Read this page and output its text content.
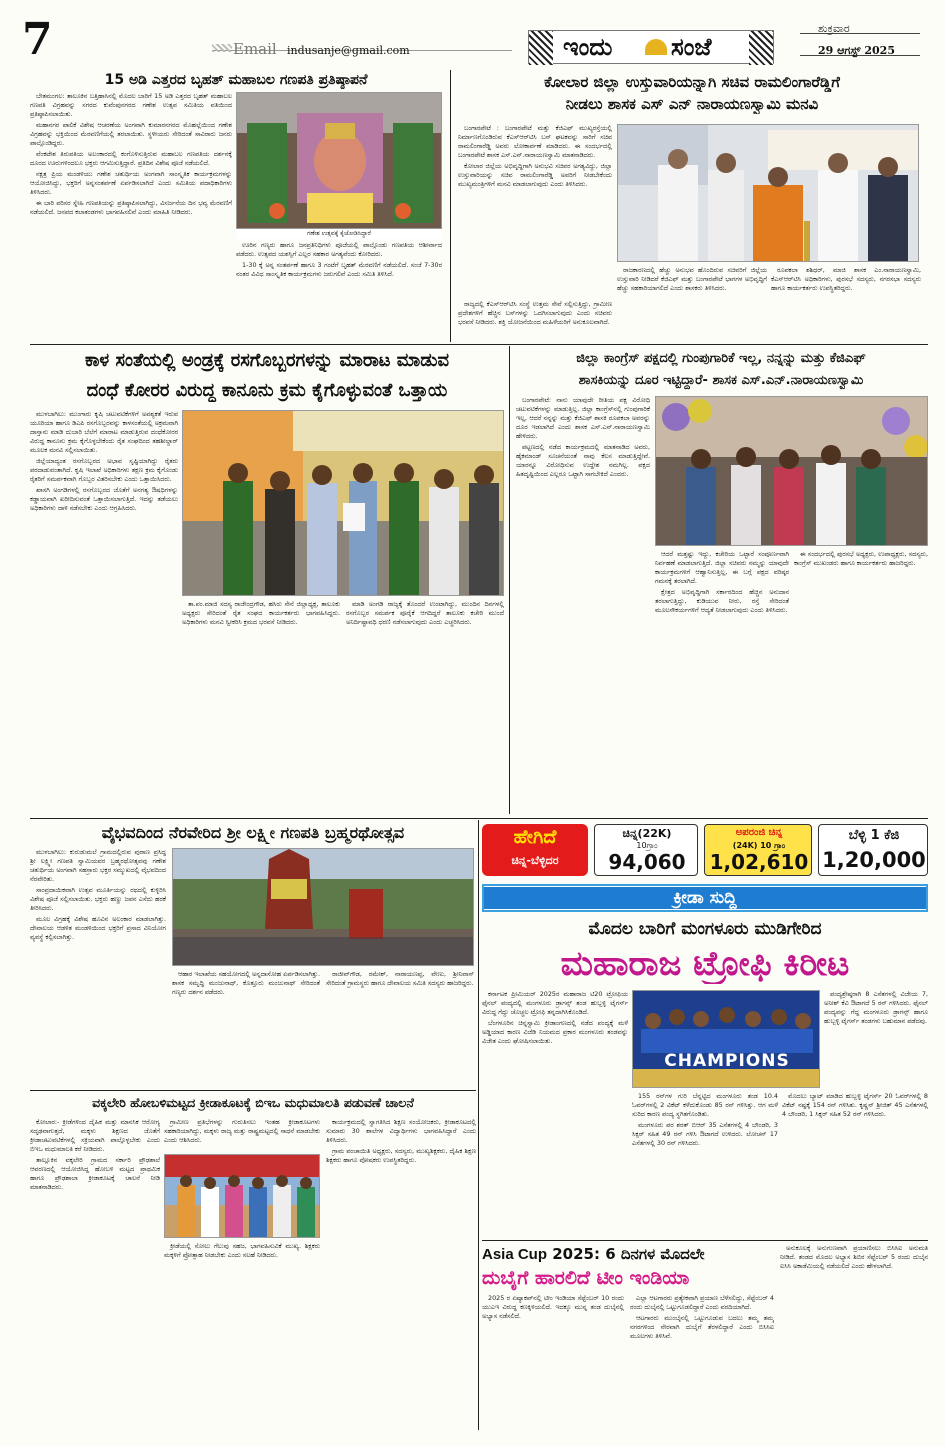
7	Email indusanje@gmail.com	ಇಂದು ಸಂಜೆ
ಶುಕ್ರವಾರ
29 ಆಗಸ್ಟ್ 2025
15 ಅಡಿ ಎತ್ತರದ ಬೃಹತ್ ಮಹಾಬಲ ಗಣಪತಿ ಪ್ರತಿಷ್ಠಾಪನೆ

ಬೇತಮಂಗಲ: ತಾಲೂಕಿನ ಬತ್ತಿಹಾಸಿನಲ್ಲಿ ಮೊದಲ ಬಾರಿಗೆ 15 ಅಡಿ ಎತ್ತರದ ಬೃಹತ್ ಮಹಾಬಲ ಗಣಪತಿ ವಿಗ್ರಹವನ್ನು ಸಗರದ ಕುವೆಂಪುನಗರದ ಗಣೇಶ ಉತ್ಸವ ಸಮಿತಿಯ ವತಿಯಿಂದ ಪ್ರತಿಷ್ಠಾಪಿಸಲಾಯಿತು.

ಮಹಾನಗರ ಪಾಲಿಕೆ ವಿಶೇಷ ಆಚರಣೆಯ ಅಂಗವಾಗಿ ಕುಮಾರನಗರದ ಮೊಹಲ್ಲೆಯಿಂದ ಗಣೇಶ ವಿಗ್ರಹವನ್ನು ಭಕ್ತಿಯಿಂದ ಮೆರವಣಿಗೆಯಲ್ಲಿ ತರಲಾಯಿತು. ಸ್ಥಳೀಯರು ಸೇರಿದಂತೆ ಸಾವಿರಾರು ಜನರು ಪಾಲ್ಗೊಂಡಿದ್ದರು.

ವೆಂಕಟೇಶ ತಿರುಪತಿಯ ಅಲಂಕಾರದಲ್ಲಿ ಕಂಗೊಳಿಸುತ್ತಿರುವ ಮಹಾಬಲ ಗಣಪತಿಯ ದರ್ಶನಕ್ಕೆ ದೂರದ ಊರುಗಳಿಂದಲೂ ಭಕ್ತರು ಆಗಮಿಸುತ್ತಿದ್ದಾರೆ. ಪ್ರತಿದಿನ ವಿಶೇಷ ಪೂಜೆ ನಡೆಯಲಿದೆ.

ನಕ್ಷತ್ರ ಪ್ರಿಯ ಮಂಡಳಿಯು ಗಣೇಶ ಚತುರ್ಥಿಯ ಅಂಗವಾಗಿ ಸಾಂಸ್ಕೃತಿಕ ಕಾರ್ಯಕ್ರಮಗಳನ್ನು ಆಯೋಜಿಸಿದ್ದು, ಭಕ್ತರಿಗೆ ಅನ್ನಸಂತರ್ಪಣೆ ಏರ್ಪಡಿಸಲಾಗಿದೆ ಎಂದು ಸಮಿತಿಯ ಪದಾಧಿಕಾರಿಗಳು ತಿಳಿಸಿದರು.

ಈ ಬಾರಿ ಪರಿಸರ ಸ್ನೇಹಿ ಗಣಪತಿಯನ್ನು ಪ್ರತಿಷ್ಠಾಪಿಸಲಾಗಿದ್ದು, ವಿಸರ್ಜನೆಯ ದಿನ ಭವ್ಯ ಮೆರವಣಿಗೆ ನಡೆಯಲಿದೆ. ಜನಪದ ಕಲಾತಂಡಗಳು ಭಾಗವಹಿಸಲಿವೆ ಎಂದು ಮಾಹಿತಿ ನೀಡಿದರು.

ಗಣೇಶ ಉತ್ಸವಕ್ಕೆ ಕೈಜೋಡಿಸಿದ್ದಾರೆ

ಊರಿನ ಗಣ್ಯರು ಹಾಗೂ ಜನಪ್ರತಿನಿಧಿಗಳು ಪೂಜೆಯಲ್ಲಿ ಪಾಲ್ಗೊಂಡು ಗಣಪತಿಯ ಆಶೀರ್ವಾದ ಪಡೆದರು. ಉತ್ಸವದ ಯಶಸ್ಸಿಗೆ ಎಲ್ಲರ ಸಹಕಾರ ಅಗತ್ಯವೆಂದು ಕೋರಿದರು.

1-30 ಕ್ಕೆ ಅನ್ನ ಸಂತರ್ಪಣೆ ಹಾಗೂ 3 ಗಂಟೆಗೆ ಬೃಹತ್ ಮೆರವಣಿಗೆ ನಡೆಯಲಿದೆ. ಸಂಜೆ 7-30ರ ನಂತರ ವಿವಿಧ ಸಾಂಸ್ಕೃತಿಕ ಕಾರ್ಯಕ್ರಮಗಳು ಜರುಗಲಿವೆ ಎಂದು ಸಮಿತಿ ತಿಳಿಸಿದೆ.

ಕೋಲಾರ ಜಿಲ್ಲಾ ಉಸ್ತುವಾರಿಯನ್ನಾಗಿ ಸಚಿವ ರಾಮಲಿಂಗಾರೆಡ್ಡಿಗೆ
ನೀಡಲು ಶಾಸಕ ಎಸ್ ಎನ್ ನಾರಾಯಣಸ್ವಾಮಿ ಮನವಿ

ಬಂಗಾರಪೇಟೆ : ಬಂಗಾರಪೇಟೆ ಮತ್ತು ಕೆಜಿಎಫ್ ಮುಖ್ಯರಸ್ತೆಯಲ್ಲಿ ನಿರ್ಮಾಣಗೊಂಡಿರುವ ಕೆಎಸ್‌ಆರ್‌ಟಿಸಿ ಬಸ್ ಘಟಕವನ್ನು ಸಾರಿಗೆ ಸಚಿವ ರಾಮಲಿಂಗಾರೆಡ್ಡಿ ಅವರು ಲೋಕಾರ್ಪಣೆ ಮಾಡಿದರು. ಈ ಸಂದರ್ಭದಲ್ಲಿ ಬಂಗಾರಪೇಟೆ ಶಾಸಕ ಎಸ್.ಎನ್.ನಾರಾಯಣಸ್ವಾಮಿ ಮಾತನಾಡಿದರು.

ಕೋಲಾರ ಜಿಲ್ಲೆಯ ಅಭಿವೃದ್ಧಿಗಾಗಿ ಅನುಭವಿ ಸಚಿವರ ಅಗತ್ಯವಿದ್ದು, ಜಿಲ್ಲಾ ಉಸ್ತುವಾರಿಯನ್ನು ಸಚಿವ ರಾಮಲಿಂಗಾರೆಡ್ಡಿ ಅವರಿಗೆ ನೀಡಬೇಕೆಂದು ಮುಖ್ಯಮಂತ್ರಿಗಳಿಗೆ ಮನವಿ ಮಾಡಲಾಗುವುದು ಎಂದು ತಿಳಿಸಿದರು.

ರಾಜಕಾರಣದಲ್ಲಿ ಹೆಚ್ಚು ಅನುಭವ ಹೊಂದಿರುವ ಸಚಿವರಿಗೆ ಜಿಲ್ಲೆಯ ಉಸ್ತುವಾರಿ ನೀಡಿದರೆ ಕೆಜಿಎಫ್ ಮತ್ತು ಬಂಗಾರಪೇಟೆ ಭಾಗಗಳ ಅಭಿವೃದ್ಧಿಗೆ ಹೆಚ್ಚು ಸಹಕಾರಿಯಾಗಲಿದೆ ಎಂದು ಶಾಸಕರು ತಿಳಿಸಿದರು.

ರೂಪಕಲಾ ಶಶಿಧರ್, ಮಾಜಿ ಶಾಸಕ ಎಂ.ನಾರಾಯಣಸ್ವಾಮಿ, ಕೆಎಸ್‌ಆರ್‌ಟಿಸಿ ಅಧಿಕಾರಿಗಳು, ಪುರಸಭೆ ಸದಸ್ಯರು, ನಗರಸಭಾ ಸದಸ್ಯರು ಹಾಗೂ ಕಾರ್ಯಕರ್ತರು ಉಪಸ್ಥಿತರಿದ್ದರು.

ರಾಜ್ಯದಲ್ಲಿ ಕೆಎಸ್‌ಆರ್‌ಟಿಸಿ ಸಂಸ್ಥೆ ಉತ್ತಮ ಸೇವೆ ಸಲ್ಲಿಸುತ್ತಿದ್ದು, ಗ್ರಾಮೀಣ ಪ್ರದೇಶಗಳಿಗೆ ಹೆಚ್ಚಿನ ಬಸ್‌ಗಳನ್ನು ಒದಗಿಸಲಾಗುವುದು ಎಂದು ಸಚಿವರು ಭರವಸೆ ನೀಡಿದರು. ಶಕ್ತಿ ಯೋಜನೆಯಿಂದ ಮಹಿಳೆಯರಿಗೆ ಅನುಕೂಲವಾಗಿದೆ.

ಕಾಳ ಸಂತೆಯಲ್ಲಿ ಅಂಡ್ರಕ್ಕೆ ರಸಗೊಬ್ಬರಗಳನ್ನು ಮಾರಾಟ ಮಾಡುವ
ದಂಧೆ ಕೋರರ ವಿರುದ್ಧ ಕಾನೂನು ಕ್ರಮ ಕೈಗೊಳ್ಳುವಂತೆ ಒತ್ತಾಯ

ಮುಳಬಾಗಿಲು: ಮುಂಗಾರು ಕೃಷಿ ಚಟುವಟಿಕೆಗಳಿಗೆ ಅವಶ್ಯಕತೆ ಇರುವ ಯೂರಿಯಾ ಹಾಗೂ ಡಿಎಪಿ ರಸಗೊಬ್ಬರವನ್ನು ಕಾಳಸಂತೆಯಲ್ಲಿ ಅಕ್ರಮವಾಗಿ ದಾಸ್ತಾನು ಮಾಡಿ ದುಬಾರಿ ಬೆಲೆಗೆ ಮಾರಾಟ ಮಾಡುತ್ತಿರುವ ದಂಧೆಕೋರರ ವಿರುದ್ಧ ಕಾನೂನು ಕ್ರಮ ಕೈಗೊಳ್ಳಬೇಕೆಂದು ರೈತ ಸಂಘದಿಂದ ತಹಶೀಲ್ದಾರ್ ಮೂಲಕ ಮನವಿ ಸಲ್ಲಿಸಲಾಯಿತು.

ಜಿಲ್ಲೆಯಾದ್ಯಂತ ರಸಗೊಬ್ಬರದ ಅಭಾವ ಸೃಷ್ಟಿಯಾಗಿದ್ದು ರೈತರು ಪರದಾಡುವಂತಾಗಿದೆ. ಕೃಷಿ ಇಲಾಖೆ ಅಧಿಕಾರಿಗಳು ತಕ್ಷಣ ಕ್ರಮ ಕೈಗೊಂಡು ರೈತರಿಗೆ ಸಮರ್ಪಕವಾಗಿ ಗೊಬ್ಬರ ವಿತರಿಸಬೇಕು ಎಂದು ಒತ್ತಾಯಿಸಿದರು.

ಖಾಸಗಿ ಅಂಗಡಿಗಳಲ್ಲಿ ರಸಗೊಬ್ಬರದ ಜೊತೆಗೆ ಅನಗತ್ಯ ಔಷಧಿಗಳನ್ನು ಕಡ್ಡಾಯವಾಗಿ ಖರೀದಿಸುವಂತೆ ಒತ್ತಾಯಿಸಲಾಗುತ್ತಿದೆ. ಇದನ್ನು ತಡೆಯಲು ಅಧಿಕಾರಿಗಳು ದಾಳಿ ನಡೆಸಬೇಕು ಎಂದು ಆಗ್ರಹಿಸಿದರು.

ತಾ.ಪಂ.ಮಾಜಿ ಸದಸ್ಯ ರಾಜೇಂದ್ರಗೌಡ, ಹಸಿರು ಸೇನೆ ಜಿಲ್ಲಾಧ್ಯಕ್ಷ, ತಾಲೂಕು ಅಧ್ಯಕ್ಷರು ಸೇರಿದಂತೆ ರೈತ ಸಂಘದ ಕಾರ್ಯಕರ್ತರು ಭಾಗವಹಿಸಿದ್ದರು. ಅಧಿಕಾರಿಗಳು ಮನವಿ ಸ್ವೀಕರಿಸಿ ಕ್ರಮದ ಭರವಸೆ ನೀಡಿದರು.

ಮಾಡಿ ಅಂಗಡಿ ರಾಜ್ಯಕ್ಕೆ ತೊಂದರೆ ಉಂಟಾಗಿದ್ದು, ಮುಂದಿನ ದಿನಗಳಲ್ಲಿ ರಸಗೊಬ್ಬರ ಸಮರ್ಪಕ ಪೂರೈಕೆ ಆಗದಿದ್ದರೆ ತಾಲೂಕು ಕಚೇರಿ ಮುಂದೆ ಅನಿರ್ದಿಷ್ಟಾವಧಿ ಧರಣಿ ನಡೆಸಲಾಗುವುದು ಎಂದು ಎಚ್ಚರಿಸಿದರು.

ಜಿಲ್ಲಾ ಕಾಂಗ್ರೆಸ್ ಪಕ್ಷದಲ್ಲಿ ಗುಂಪುಗಾರಿಕೆ ಇಲ್ಲ, ನನ್ನನ್ನು ಮತ್ತು ಕೆಜಿಎಫ್
ಶಾಸಕಿಯನ್ನು ದೂರ ಇಟ್ಟಿದ್ದಾರೆ- ಶಾಸಕ ಎಸ್.ಎನ್.ನಾರಾಯಣಸ್ವಾಮಿ

ಬಂಗಾರಪೇಟೆ: ನಾನು ಯಾವುದೇ ರೀತಿಯ ಪಕ್ಷ ವಿರೋಧಿ ಚಟುವಟಿಕೆಗಳನ್ನು ಮಾಡುತ್ತಿಲ್ಲ. ಜಿಲ್ಲಾ ಕಾಂಗ್ರೆಸ್‌ನಲ್ಲಿ ಗುಂಪುಗಾರಿಕೆ ಇಲ್ಲ, ಆದರೆ ನನ್ನನ್ನು ಮತ್ತು ಕೆಜಿಎಫ್ ಶಾಸಕಿ ರೂಪಕಲಾ ಅವರನ್ನು ದೂರ ಇಡಲಾಗಿದೆ ಎಂದು ಶಾಸಕ ಎಸ್.ಎನ್.ನಾರಾಯಣಸ್ವಾಮಿ ಹೇಳಿದರು.

ಪಟ್ಟಣದಲ್ಲಿ ನಡೆದ ಕಾರ್ಯಕ್ರಮದಲ್ಲಿ ಮಾತನಾಡಿದ ಅವರು, ಹೈಕಮಾಂಡ್ ಸೂಚನೆಯಂತೆ ನಾವು ಕೆಲಸ ಮಾಡುತ್ತಿದ್ದೇವೆ. ಯಾರನ್ನೂ ವಿರೋಧಿಸುವ ಉದ್ದೇಶ ನಮಗಿಲ್ಲ. ಪಕ್ಷದ ಹಿತದೃಷ್ಟಿಯಿಂದ ಎಲ್ಲರೂ ಒಟ್ಟಾಗಿ ಸಾಗಬೇಕಿದೆ ಎಂದರು.

ಆದರೆ ಮತ್ತಷ್ಟು ಇದ್ದು, ಕಚೇರಿಯ ಒಟ್ಟಾರೆ ಸಂಪೂರ್ಣವಾಗಿ ನಿರ್ವಹಣೆ ಮಾಡಲಾಗುತ್ತಿದೆ. ಜಿಲ್ಲಾ ಸಚಿವರು ನಮ್ಮನ್ನು ಯಾವುದೇ ಕಾರ್ಯಕ್ರಮಗಳಿಗೆ ಆಹ್ವಾನಿಸುತ್ತಿಲ್ಲ, ಈ ಬಗ್ಗೆ ಪಕ್ಷದ ವರಿಷ್ಠರ ಗಮನಕ್ಕೆ ತರಲಾಗಿದೆ.

ಕ್ಷೇತ್ರದ ಅಭಿವೃದ್ಧಿಗಾಗಿ ಸರ್ಕಾರದಿಂದ ಹೆಚ್ಚಿನ ಅನುದಾನ ತರಲಾಗುತ್ತಿದ್ದು, ಕುಡಿಯುವ ನೀರು, ರಸ್ತೆ ಸೇರಿದಂತೆ ಮೂಲಸೌಕರ್ಯಗಳಿಗೆ ಆದ್ಯತೆ ನೀಡಲಾಗುವುದು ಎಂದು ತಿಳಿಸಿದರು.

ಈ ಸಂದರ್ಭದಲ್ಲಿ ಪುರಸಭೆ ಅಧ್ಯಕ್ಷರು, ಉಪಾಧ್ಯಕ್ಷರು, ಸದಸ್ಯರು, ಕಾಂಗ್ರೆಸ್ ಮುಖಂಡರು ಹಾಗೂ ಕಾರ್ಯಕರ್ತರು ಹಾಜರಿದ್ದರು.

ವೈಭವದಿಂದ ನೆರವೇರಿದ ಶ್ರೀ ಲಕ್ಷ್ಮೀ ಗಣಪತಿ ಬ್ರಹ್ಮರಥೋತ್ಸವ

ಮುಳಬಾಗಿಲು: ಕುರುಡುಮಲೆ ಗ್ರಾಮದಲ್ಲಿರುವ ಪುರಾಣ ಪ್ರಸಿದ್ಧ ಶ್ರೀ ಲಕ್ಷ್ಮೀ ಗಣಪತಿ ಸ್ವಾಮಿಯವರ ಬ್ರಹ್ಮರಥೋತ್ಸವವು ಗಣೇಶ ಚತುರ್ಥಿಯ ಅಂಗವಾಗಿ ಸಹಸ್ರಾರು ಭಕ್ತರ ಸಮ್ಮುಖದಲ್ಲಿ ವೈಭವದಿಂದ ನೆರವೇರಿತು.

ಸಾಂಪ್ರದಾಯಿಕವಾಗಿ ಉತ್ಸವ ಮೂರ್ತಿಯನ್ನು ರಥದಲ್ಲಿ ಕುಳ್ಳಿರಿಸಿ ವಿಶೇಷ ಪೂಜೆ ಸಲ್ಲಿಸಲಾಯಿತು. ಭಕ್ತರು ಹಣ್ಣು ಜವನ ಎಸೆದು ಹರಕೆ ತೀರಿಸಿದರು.

ಮೂಲ ವಿಗ್ರಹಕ್ಕೆ ವಿಶೇಷ ಹೂವಿನ ಅಲಂಕಾರ ಮಾಡಲಾಗಿತ್ತು. ದೇವಾಲಯ ಆಡಳಿತ ಮಂಡಳಿಯಿಂದ ಭಕ್ತರಿಗೆ ಪ್ರಸಾದ ವಿನಿಯೋಗ ವ್ಯವಸ್ಥೆ ಕಲ್ಪಿಸಲಾಗಿತ್ತು.

ಆಹಾರ ಇಲಾಖೆಯ ಸಹಯೋಗದಲ್ಲಿ ಅನ್ನದಾಸೋಹ ಏರ್ಪಡಿಸಲಾಗಿತ್ತು. ಶಾಸಕ ಸಮೃದ್ಧಿ ಮಂಜುನಾಥ್, ಕೊತ್ತೂರು ಮಂಜುನಾಥ್ ಸೇರಿದಂತೆ ಗಣ್ಯರು ದರ್ಶನ ಪಡೆದರು.

ರಾಜೀವ್‌ಗೌಡ, ರಮೇಶ್, ನಾರಾಯಣಪ್ಪ, ವೇಣು, ಶ್ರೀನಿವಾಸ್ ಸೇರಿದಂತೆ ಗ್ರಾಮಸ್ಥರು ಹಾಗೂ ದೇವಾಲಯ ಸಮಿತಿ ಸದಸ್ಯರು ಹಾಜರಿದ್ದರು.

ಹೇಗಿದೆ
ಚಿನ್ನ-ಬೆಳ್ಳಿದರ
ಚಿನ್ನ(22K)
10ಗ್ರಾಂ
94,060
ಅಪರಂಜಿ ಚಿನ್ನ
(24K) 10 ಗ್ರಾಂ
1,02,610
ಬೆಳ್ಳಿ 1 ಕೆಜಿ
1,20,000
ಕ್ರೀಡಾ ಸುದ್ದಿ
ಮೊದಲ ಬಾರಿಗೆ ಮಂಗಳೂರು ಮುಡಿಗೇರಿದ
ಮಹಾರಾಜ ಟ್ರೋಫಿ ಕಿರೀಟ

ಕರ್ನಾಟಕ ಪ್ರೀಮಿಯರ್ 2025ರ ಮಹಾರಾಜ ಟಿ20 ಟ್ರೋಫಿಯ ಫೈನಲ್ ಪಂದ್ಯದಲ್ಲಿ ಮಂಗಳೂರು ಡ್ರಾಗನ್ಸ್ ತಂಡ ಹುಬ್ಬಳ್ಳಿ ಟೈಗರ್ಸ್ ವಿರುದ್ಧ ಗೆದ್ದು ಚೊಚ್ಚಲ ಟ್ರೋಫಿ ತನ್ನದಾಗಿಸಿಕೊಂಡಿದೆ.

ಬೆಂಗಳೂರಿನ ಚಿನ್ನಸ್ವಾಮಿ ಕ್ರೀಡಾಂಗಣದಲ್ಲಿ ನಡೆದ ಪಂದ್ಯಕ್ಕೆ ಮಳೆ ಅಡ್ಡಿಯಾದ ಕಾರಣ ವಿಜೆಡಿ ನಿಯಮದ ಪ್ರಕಾರ ಮಂಗಳೂರು ತಂಡವನ್ನು ವಿಜೇತ ಎಂದು ಘೋಷಿಸಲಾಯಿತು.

CHAMPIONS

ಪಂದ್ಯಶ್ರೇಷ್ಠರಾಗಿ 8 ಎಸೆತಗಳಲ್ಲಿ ವಿಜೇಯ 7, ಅನೀಶ್ ಕೆವಿ ಔಟಾಗದೆ 5 ರನ್ ಗಳಿಸಿದರು. ಫೈನಲ್ ಪಂದ್ಯವನ್ನು ಗೆದ್ದ ಮಂಗಳೂರು ಡ್ರಾಗನ್ಸ್ ಹಾಗೂ ಹುಬ್ಬಳ್ಳಿ ಟೈಗರ್ಸ್ ತಂಡಗಳು ಬಹುಮಾನ ಪಡೆದವು.

155 ರನ್‌ಗಳ ಗುರಿ ಬೆನ್ನಟ್ಟಿದ ಮಂಗಳೂರು ತಂಡ 10.4 ಓವರ್‌ಗಳಲ್ಲಿ 2 ವಿಕೆಟ್ ಕಳೆದುಕೊಂಡು 85 ರನ್ ಗಳಿಸಿತ್ತು. ಆಗ ಮಳೆ ಸುರಿದ ಕಾರಣ ಪಂದ್ಯ ಸ್ಥಗಿತಗೊಂಡಿತು.

ಮಂಗಳೂರು ಪರ ಶರತ್ ಬಿಆರ್ 35 ಎಸೆತಗಳಲ್ಲಿ 4 ಬೌಂಡರಿ, 3 ಸಿಕ್ಸರ್ ಸಹಿತ 49 ರನ್ ಗಳಿಸಿ ಔಟಾಗದೆ ಉಳಿದರು. ಲೋಚನ್ 17 ಎಸೆತಗಳಲ್ಲಿ 30 ರನ್ ಗಳಿಸಿದರು.

ಮೊದಲು ಬ್ಯಾಟ್ ಮಾಡಿದ ಹುಬ್ಬಳ್ಳಿ ಟೈಗರ್ಸ್ 20 ಓವರ್‌ಗಳಲ್ಲಿ 8 ವಿಕೆಟ್ ನಷ್ಟಕ್ಕೆ 154 ರನ್ ಗಳಿಸಿತು. ಕೃಷ್ಣನ್ ಶ್ರೀಜಿತ್ 45 ಎಸೆತಗಳಲ್ಲಿ 4 ಬೌಂಡರಿ, 1 ಸಿಕ್ಸರ್ ಸಹಿತ 52 ರನ್ ಗಳಿಸಿದರು.

Asia Cup 2025: 6 ದಿನಗಳ ಮೊದಲೇ
ದುಬೈಗೆ ಹಾರಲಿದೆ ಟೀಂ ಇಂಡಿಯಾ

2025 ರ ಏಷ್ಯಾಕಪ್‌ನಲ್ಲಿ ಟೀಂ ಇಂಡಿಯಾ ಸೆಪ್ಟೆಂಬರ್ 10 ರಂದು ಯುಎಇ ವಿರುದ್ಧ ಕಣಕ್ಕಿಳಿಯಲಿದೆ. ಇದಕ್ಕೂ ಮುನ್ನ ತಂಡ ದುಬೈನಲ್ಲಿ ಅಭ್ಯಾಸ ನಡೆಸಲಿದೆ.

ಎಲ್ಲಾ ಆಟಗಾರರು ಪ್ರತ್ಯೇಕವಾಗಿ ಪ್ರಯಾಣ ಬೆಳೆಸಲಿದ್ದು, ಸೆಪ್ಟೆಂಬರ್ 4 ರಂದು ದುಬೈನಲ್ಲಿ ಒಟ್ಟುಗೂಡಲಿದ್ದಾರೆ ಎಂದು ವರದಿಯಾಗಿದೆ.

ಆಟಗಾರರು ಮುಂಬೈನಲ್ಲಿ ಒಟ್ಟುಗೂಡುವ ಬದಲು ತಮ್ಮ ತಮ್ಮ ನಗರಗಳಿಂದ ನೇರವಾಗಿ ದುಬೈಗೆ ತೆರಳಲಿದ್ದಾರೆ ಎಂದು ಬಿಸಿಸಿಐ ಮೂಲಗಳು ತಿಳಿಸಿವೆ.

ಅನುಕೂಲಕ್ಕೆ ಅನುಗುಣವಾಗಿ ಪ್ರಯಾಣಿಸಲು ಬಿಸಿಸಿಐ ಅನುಮತಿ ನೀಡಿದೆ. ತಂಡದ ಮೊದಲ ಅಭ್ಯಾಸ ಶಿಬಿರ ಸೆಪ್ಟೆಂಬರ್ 5 ರಂದು ದುಬೈನ ಐಸಿಸಿ ಅಕಾಡೆಮಿಯಲ್ಲಿ ನಡೆಯಲಿದೆ ಎಂದು ಹೇಳಲಾಗಿದೆ.

ವಕ್ಕಲೇರಿ ಹೋಬಳಿಮಟ್ಟದ ಕ್ರೀಡಾಕೂಟಕ್ಕೆ ಬಿಇಒ ಮಧುಮಾಲತಿ ಪಡುವಣೆ ಚಾಲನೆ

ಕೋಲಾರ:- ಕ್ರೀಡೆಗಳಿಂದ ದೈಹಿಕ ಮತ್ತು ಮಾನಸಿಕ ಆರೋಗ್ಯ ಸದೃಢವಾಗುತ್ತದೆ, ಮಕ್ಕಳು ಶಿಕ್ಷಣದ ಜೊತೆಗೆ ಕ್ರೀಡಾಚಟುವಟಿಕೆಗಳಲ್ಲಿ ಸಕ್ರಿಯವಾಗಿ ಪಾಲ್ಗೊಳ್ಳಬೇಕು ಎಂದು ಬಿಇಒ ಮಧುಮಾಲತಿ ಕರೆ ನೀಡಿದರು.

ತಾಲ್ಲೂಕಿನ ವಕ್ಕಲೇರಿ ಗ್ರಾಮದ ಸರ್ಕಾರಿ ಪ್ರೌಢಶಾಲೆ ಆವರಣದಲ್ಲಿ ಆಯೋಜಿಸಿದ್ದ ಹೋಬಳಿ ಮಟ್ಟದ ಪ್ರಾಥಮಿಕ ಹಾಗೂ ಪ್ರೌಢಶಾಲಾ ಕ್ರೀಡಾಕೂಟಕ್ಕೆ ಚಾಲನೆ ನೀಡಿ ಮಾತನಾಡಿದರು.

ಗ್ರಾಮೀಣ ಪ್ರತಿಭೆಗಳನ್ನು ಗುರುತಿಸಲು ಇಂತಹ ಕ್ರೀಡಾಕೂಟಗಳು ಸಹಕಾರಿಯಾಗಿದ್ದು, ಮಕ್ಕಳು ರಾಜ್ಯ ಮತ್ತು ರಾಷ್ಟ್ರಮಟ್ಟದಲ್ಲಿ ಸಾಧನೆ ಮಾಡಬೇಕು ಎಂದು ಆಶಿಸಿದರು.

ಕ್ರೀಡೆಯಲ್ಲಿ ಸೋಲು ಗೆಲುವು ಸಹಜ, ಭಾಗವಹಿಸುವಿಕೆ ಮುಖ್ಯ. ಶಿಕ್ಷಕರು ಮಕ್ಕಳಿಗೆ ಪ್ರೋತ್ಸಾಹ ನೀಡಬೇಕು ಎಂದು ಸಲಹೆ ನೀಡಿದರು.

ಕಾರ್ಯಕ್ರಮದಲ್ಲಿ ಸ್ವಾಗತಿಸಿದ ಶಿಕ್ಷಣ ಸಂಯೋಜಕರು, ಕ್ರೀಡಾಕೂಟದಲ್ಲಿ ಸುಮಾರು 30 ಶಾಲೆಗಳ ವಿದ್ಯಾರ್ಥಿಗಳು ಭಾಗವಹಿಸಿದ್ದಾರೆ ಎಂದು ತಿಳಿಸಿದರು.

ಗ್ರಾಮ ಪಂಚಾಯಿತಿ ಅಧ್ಯಕ್ಷರು, ಸದಸ್ಯರು, ಮುಖ್ಯಶಿಕ್ಷಕರು, ದೈಹಿಕ ಶಿಕ್ಷಣ ಶಿಕ್ಷಕರು ಹಾಗೂ ಪೋಷಕರು ಉಪಸ್ಥಿತರಿದ್ದರು.
